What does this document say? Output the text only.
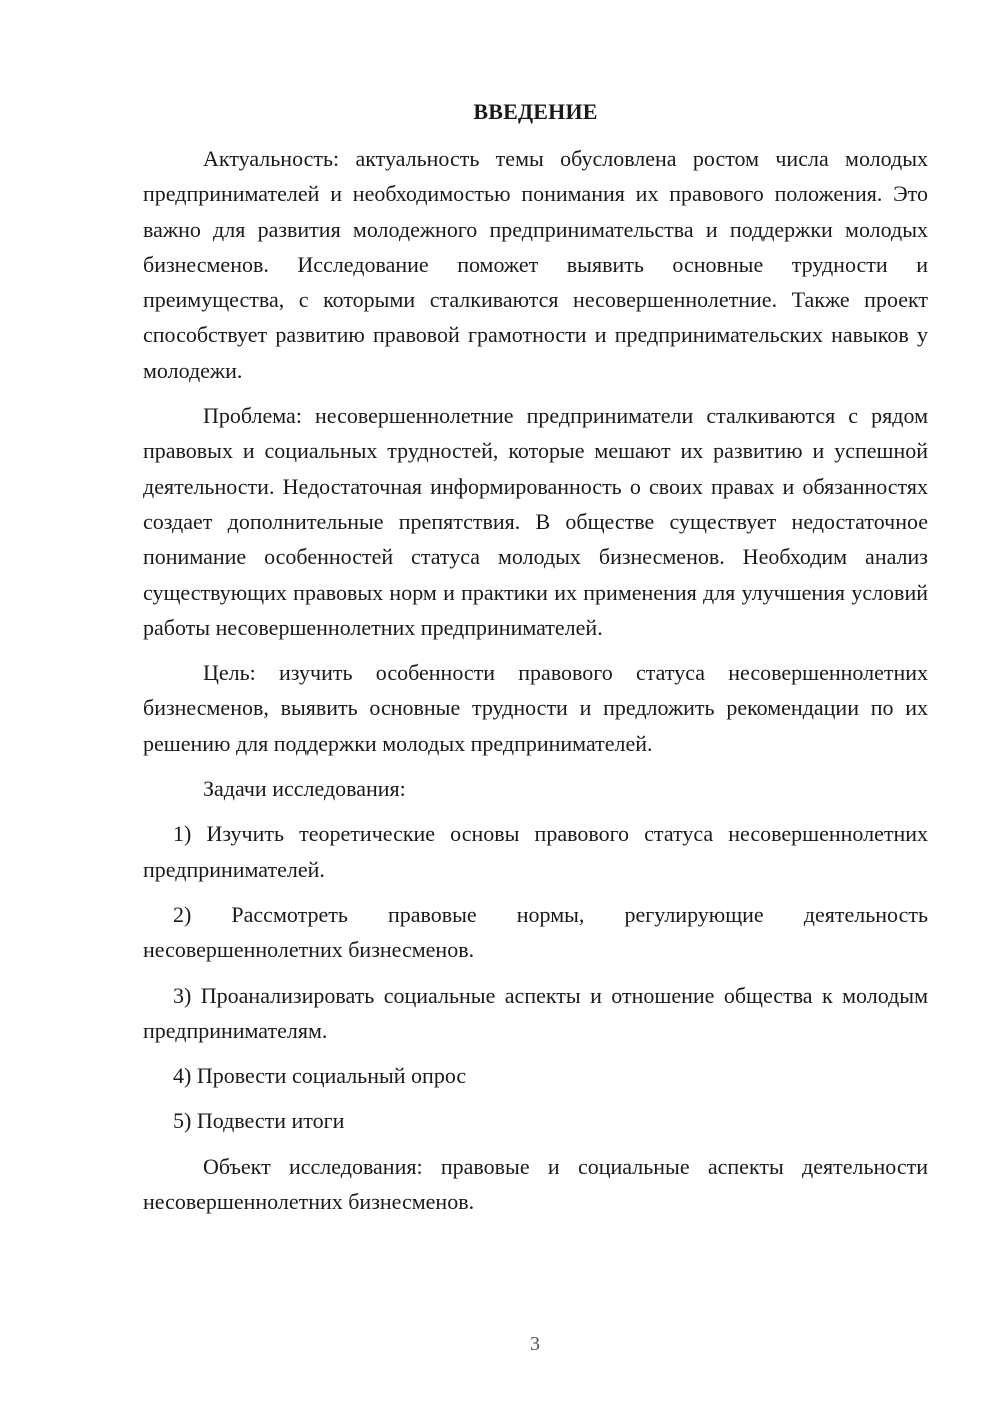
ВВЕДЕНИЕ

Актуальность: актуальность темы обусловлена ростом числа молодых предпринимателей и необходимостью понимания их правового положения. Это важно для развития молодежного предпринимательства и поддержки молодых бизнесменов. Исследование поможет выявить основные трудности и преимущества, с которыми сталкиваются несовершеннолетние. Также проект способствует развитию правовой грамотности и предпринимательских навыков у молодежи.

Проблема: несовершеннолетние предприниматели сталкиваются с рядом правовых и социальных трудностей, которые мешают их развитию и успешной деятельности. Недостаточная информированность о своих правах и обязанностях создает дополнительные препятствия. В обществе существует недостаточное понимание особенностей статуса молодых бизнесменов. Необходим анализ существующих правовых норм и практики их применения для улучшения условий работы несовершеннолетних предпринимателей.

Цель: изучить особенности правового статуса несовершеннолетних бизнесменов, выявить основные трудности и предложить рекомендации по их решению для поддержки молодых предпринимателей.

Задачи исследования:

1) Изучить теоретические основы правового статуса несовершеннолетних предпринимателей.

2) Рассмотреть правовые нормы, регулирующие деятельность несовершеннолетних бизнесменов.

3) Проанализировать социальные аспекты и отношение общества к молодым предпринимателям.

4) Провести социальный опрос

5) Подвести итоги

Объект исследования: правовые и социальные аспекты деятельности несовершеннолетних бизнесменов.

3
